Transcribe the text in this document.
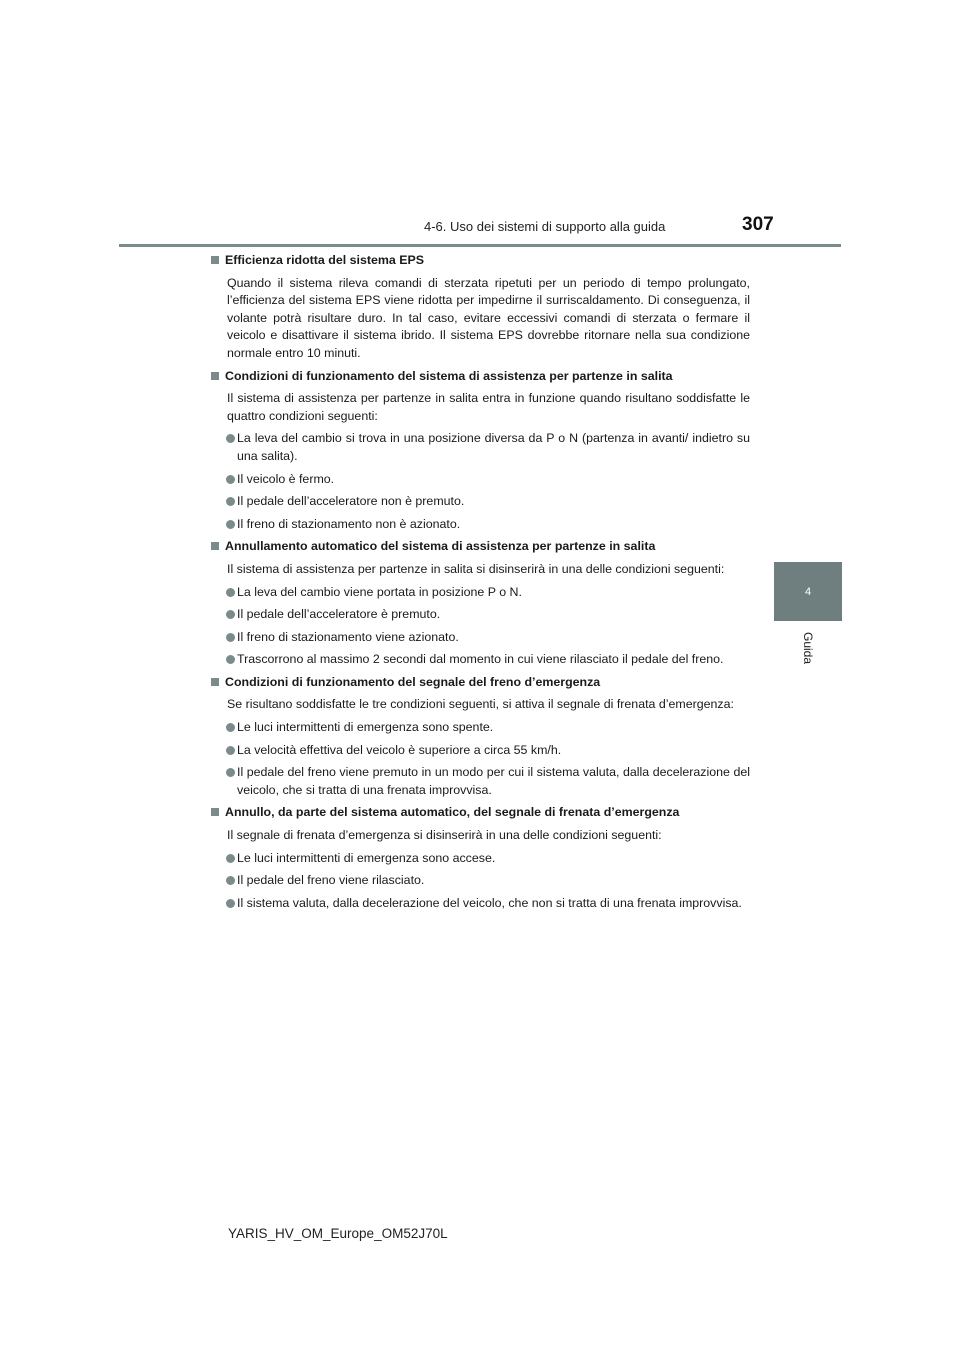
4-6. Uso dei sistemi di supporto alla guida	307
4
Guida
Efficienza ridotta del sistema EPS
Quando il sistema rileva comandi di sterzata ripetuti per un periodo di tempo prolungato, l’efficienza del sistema EPS viene ridotta per impedirne il surriscaldamento. Di conseguenza, il volante potrà risultare duro. In tal caso, evitare eccessivi comandi di sterzata o fermare il veicolo e disattivare il sistema ibrido. Il sistema EPS dovrebbe ritornare nella sua condizione normale entro 10 minuti.
Condizioni di funzionamento del sistema di assistenza per partenze in salita
Il sistema di assistenza per partenze in salita entra in funzione quando risultano soddisfatte le quattro condizioni seguenti:
La leva del cambio si trova in una posizione diversa da P o N (partenza in avanti/ indietro su una salita).
Il veicolo è fermo.
Il pedale dell’acceleratore non è premuto.
Il freno di stazionamento non è azionato.
Annullamento automatico del sistema di assistenza per partenze in salita
Il sistema di assistenza per partenze in salita si disinserirà in una delle condizioni seguenti:
La leva del cambio viene portata in posizione P o N.
Il pedale dell’acceleratore è premuto.
Il freno di stazionamento viene azionato.
Trascorrono al massimo 2 secondi dal momento in cui viene rilasciato il pedale del freno.
Condizioni di funzionamento del segnale del freno d’emergenza
Se risultano soddisfatte le tre condizioni seguenti, si attiva il segnale di frenata d’emergenza:
Le luci intermittenti di emergenza sono spente.
La velocità effettiva del veicolo è superiore a circa 55 km/h.
Il pedale del freno viene premuto in un modo per cui il sistema valuta, dalla decelerazione del veicolo, che si tratta di una frenata improvvisa.
Annullo, da parte del sistema automatico, del segnale di frenata d’emergenza
Il segnale di frenata d’emergenza si disinserirà in una delle condizioni seguenti:
Le luci intermittenti di emergenza sono accese.
Il pedale del freno viene rilasciato.
Il sistema valuta, dalla decelerazione del veicolo, che non si tratta di una frenata improvvisa.
YARIS_HV_OM_Europe_OM52J70L
